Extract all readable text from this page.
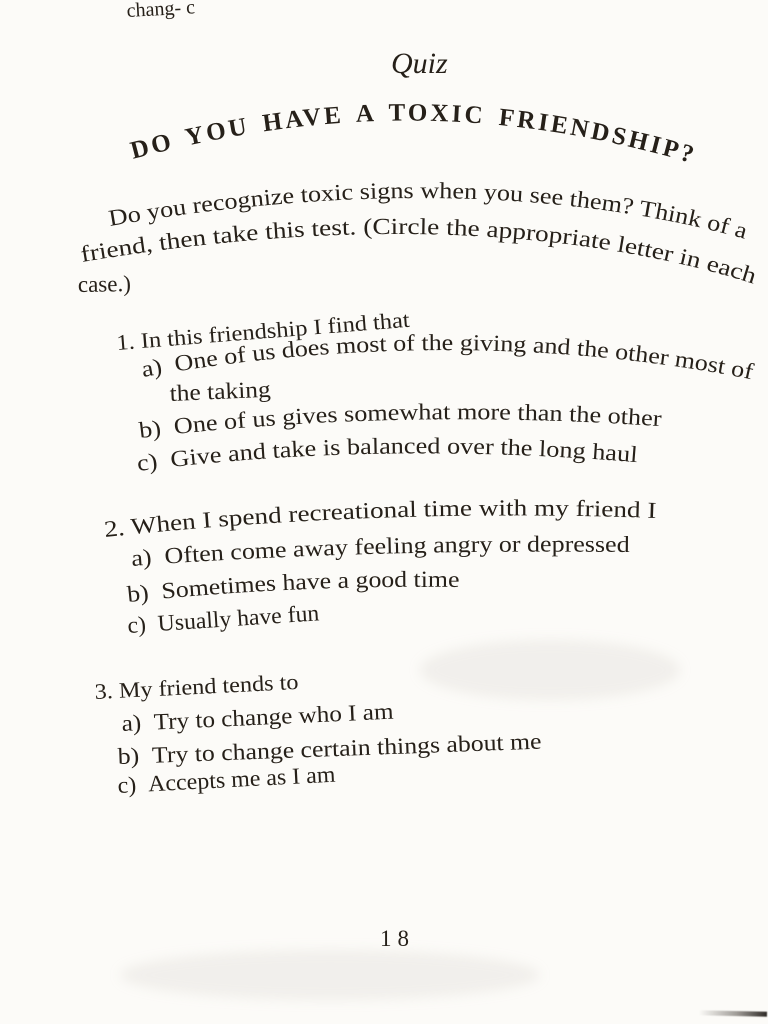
chang- c
Quiz
DO YOU HAVE A TOXIC FRIENDSHIP?
Do you recognize toxic signs when you see them? Think of a
friend, then take this test. (Circle the appropriate letter in each
case.)
1. In this friendship I find that
a) One of us does most of the giving and the other most of
the taking
b) One of us gives somewhat more than the other
c) Give and take is balanced over the long haul
2. When I spend recreational time with my friend I
a) Often come away feeling angry or depressed
b) Sometimes have a good time
c) Usually have fun
3. My friend tends to
a) Try to change who I am
b) Try to change certain things about me
c) Accepts me as I am
18
